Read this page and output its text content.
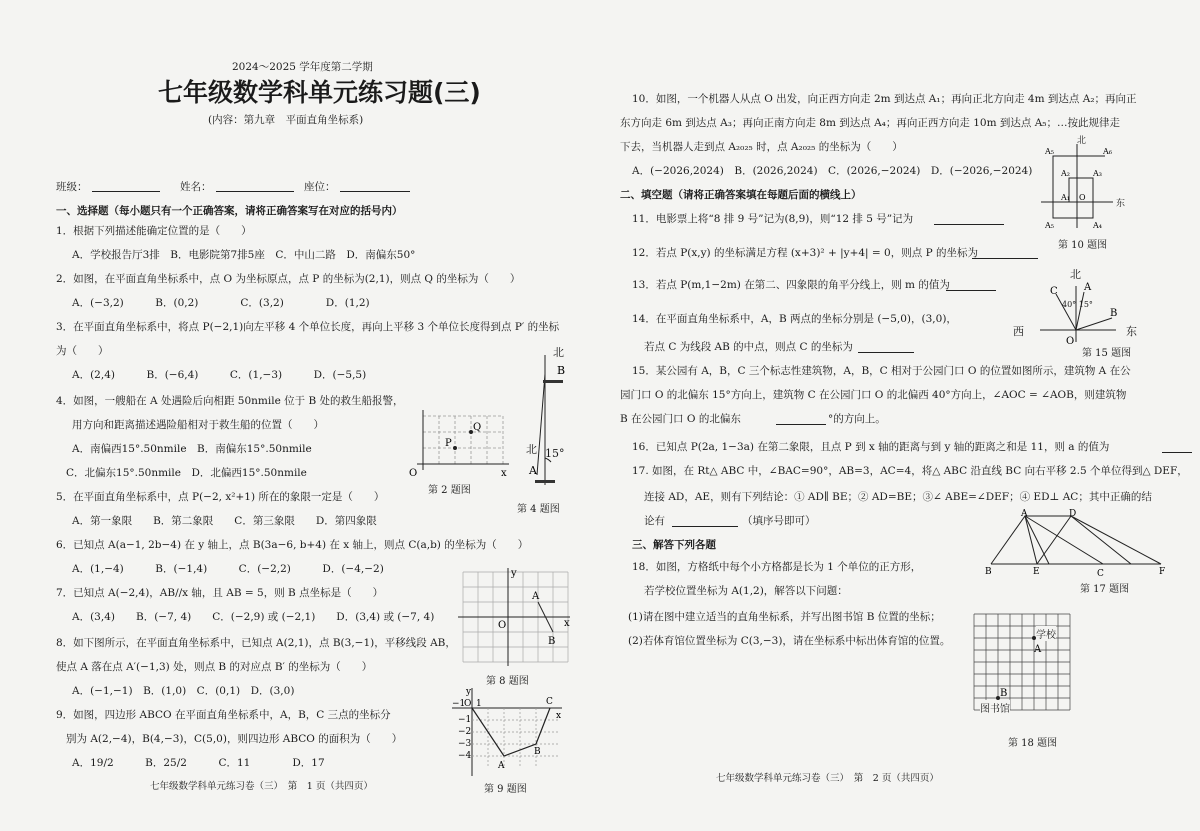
2024～2025 学年度第二学期
七年级数学科单元练习题(三)
(内容：第九章　平面直角坐标系)
班级：	姓名：	座位：
一、选择题（每小题只有一个正确答案，请将正确答案写在对应的括号内）
1．根据下列描述能确定位置的是（　　）
A．学校报告厅3排　B．电影院第7排5座　C．中山二路　D．南偏东50°
2．如图，在平面直角坐标系中，点 O 为坐标原点，点 P 的坐标为(2,1)，则点 Q 的坐标为（　　）
A．(−3,2)　　　B．(0,2)　　　　C．(3,2)　　　　D．(1,2)
3．在平面直角坐标系中，将点 P(−2,1)向左平移 4 个单位长度，再向上平移 3 个单位长度得到点 P′ 的坐标
为（　　）
A．(2,4)　　　B．(−6,4)　　　C．(1,−3)　　　D．(−5,5)
4．如图，一艘船在 A 处遇险后向相距 50nmile 位于 B 处的救生船报警，
用方向和距离描述遇险船相对于救生船的位置（　　）
A．南偏西15°.50nmile　B．南偏东15°.50nmile
C．北偏东15°.50nmile　D．北偏西15°.50nmile
5．在平面直角坐标系中，点 P(−2, x²+1) 所在的象限一定是（　　）
A．第一象限　　B．第二象限　　C．第三象限　　D．第四象限
6．已知点 A(a−1, 2b−4) 在 y 轴上，点 B(3a−6, b+4) 在 x 轴上，则点 C(a,b) 的坐标为（　　）
A．(1,−4)　　　B．(−1,4)　　　C．(−2,2)　　　D．(−4,−2)
7．已知点 A(−2,4)，AB//x 轴，且 AB = 5，则 B 点坐标是（　　）
A．(3,4)　　B．(−7, 4)　　C．(−2,9) 或 (−2,1)　　D．(3,4) 或 (−7, 4)
8．如下图所示，在平面直角坐标系中，已知点 A(2,1)，点 B(3,−1)，平移线段 AB，
使点 A 落在点 A′(−1,3) 处，则点 B 的对应点 B′ 的坐标为（　　）
A．(−1,−1)　B．(1,0)　C．(0,1)　D．(3,0)
9．如图，四边形 ABCO 在平面直角坐标系中，A，B，C 三点的坐标分
别为 A(2,−4)，B(4,−3)，C(5,0)，则四边形 ABCO 的面积为（　　）
A．19/2　　　B．25/2　　　C．11　　　　D．17
P
Q
O	x
第 2 题图
B
A
北
北 15°
第 4 题图
A
B
O	x
y
第 8 题图
−1
O 1
−1
−2
−3
−4
C
x
y
A
B
第 9 题图
七年级数学科单元练习卷（三）　第　1 页（共四页）
10．如图，一个机器人从点 O 出发，向正西方向走 2m 到达点 A₁；再向正北方向走 4m 到达点 A₂；再向正
东方向走 6m 到达点 A₃；再向正南方向走 8m 到达点 A₄；再向正西方向走 10m 到达点 A₅；…按此规律走
下去，当机器人走到点 A₂₀₂₅ 时，点 A₂₀₂₅ 的坐标为（　　）
A．(−2026,2024)　B．(2026,2024)　C．(2026,−2024)　D．(−2026,−2024)
二、填空题（请将正确答案填在每题后面的横线上）
11．电影票上将“8 排 9 号”记为(8,9)，则“12 排 5 号”记为
12．若点 P(x,y) 的坐标满足方程 (x+3)² + |y+4| = 0，则点 P 的坐标为
13．若点 P(m,1−2m) 在第二、四象限的角平分线上，则 m 的值为
14．在平面直角坐标系中，A，B 两点的坐标分别是 (−5,0)，(3,0)，
若点 C 为线段 AB 的中点，则点 C 的坐标为
15．某公园有 A，B，C 三个标志性建筑物，A，B，C 相对于公园门口 O 的位置如图所示，建筑物 A 在公
园门口 O 的北偏东 15°方向上，建筑物 C 在公园门口 O 的北偏西 40°方向上，∠AOC = ∠AOB，则建筑物
B 在公园门口 O 的北偏东	°的方向上。
16．已知点 P(2a, 1−3a) 在第二象限，且点 P 到 x 轴的距离与到 y 轴的距离之和是 11，则 a 的值为
17. 如图，在 Rt△ ABC 中，∠BAC=90°，AB=3，AC=4，将△ ABC 沿直线 BC 向右平移 2.5 个单位得到△ DEF，
连接 AD，AE，则有下列结论：① AD∥ BE；② AD=BE；③∠ ABE=∠DEF；④ ED⊥ AC；其中正确的结
论有	（填序号即可）
三、解答下列各题
18．如图，方格纸中每个小方格都是长为 1 个单位的正方形，
若学校位置坐标为 A(1,2)，解答以下问题：
(1)请在图中建立适当的直角坐标系，并写出图书馆 B 位置的坐标；
(2)若体育馆位置坐标为 C(3,−3)，请在坐标系中标出体育馆的位置。
A₅	A₆
A₂	A₃
A₁ O
A₅	A₄
北
东
第 10 题图
C	A
B
O
北
西	东
40° 15°
第 15 题图
A	D
B	E	C	F
第 17 题图
A
B
学校
图书馆
第 18 题图
七年级数学科单元练习卷（三）　第　2 页（共四页）
